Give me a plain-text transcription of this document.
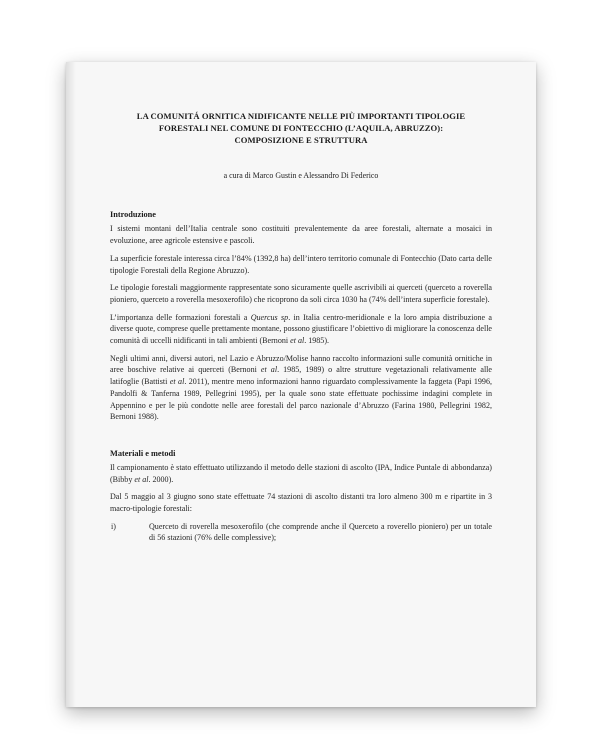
LA COMUNITÁ ORNITICA NIDIFICANTE NELLE PIÙ IMPORTANTI TIPOLOGIE
FORESTALI NEL COMUNE DI FONTECCHIO (L’AQUILA, ABRUZZO):
COMPOSIZIONE E STRUTTURA
a cura di Marco Gustin e Alessandro Di Federico
Introduzione
I sistemi montani dell’Italia centrale sono costituiti prevalentemente da aree forestali, alternate a mosaici in evoluzione, aree agricole estensive e pascoli.
La superficie forestale interessa circa l’84% (1392,8 ha) dell’intero territorio comunale di Fontecchio (Dato carta delle tipologie Forestali della Regione Abruzzo).
Le tipologie forestali maggiormente rappresentate sono sicuramente quelle ascrivibili ai querceti (querceto a roverella pioniero, querceto a roverella mesoxerofilo) che ricoprono da soli circa 1030 ha (74% dell’intera superficie forestale).
L’importanza delle formazioni forestali a Quercus sp. in Italia centro-meridionale e la loro ampia distribuzione a diverse quote, comprese quelle prettamente montane, possono giustificare l’obiettivo di migliorare la conoscenza delle comunità di uccelli nidificanti in tali ambienti (Bernoni et al. 1985).
Negli ultimi anni, diversi autori, nel Lazio e Abruzzo/Molise hanno raccolto informazioni sulle comunità ornitiche in aree boschive relative ai querceti (Bernoni et al. 1985, 1989) o altre strutture vegetazionali relativamente alle latifoglie (Battisti et al. 2011), mentre meno informazioni hanno riguardato complessivamente la faggeta (Papi 1996, Pandolfi & Tanferna 1989, Pellegrini 1995), per la quale sono state effettuate pochissime indagini complete in Appennino e per le più condotte nelle aree forestali del parco nazionale d’Abruzzo (Farina 1980, Pellegrini 1982, Bernoni 1988).
Materiali e metodi
Il campionamento è stato effettuato utilizzando il metodo delle stazioni di ascolto (IPA, Indice Puntale di abbondanza)(Bibby et al. 2000).
Dal 5 maggio al 3 giugno sono state effettuate 74 stazioni di ascolto distanti tra loro almeno 300 m e ripartite in 3 macro-tipologie forestali:
i)	Querceto di roverella mesoxerofilo (che comprende anche il Querceto a roverello pioniero) per un totale di 56 stazioni (76% delle complessive);
